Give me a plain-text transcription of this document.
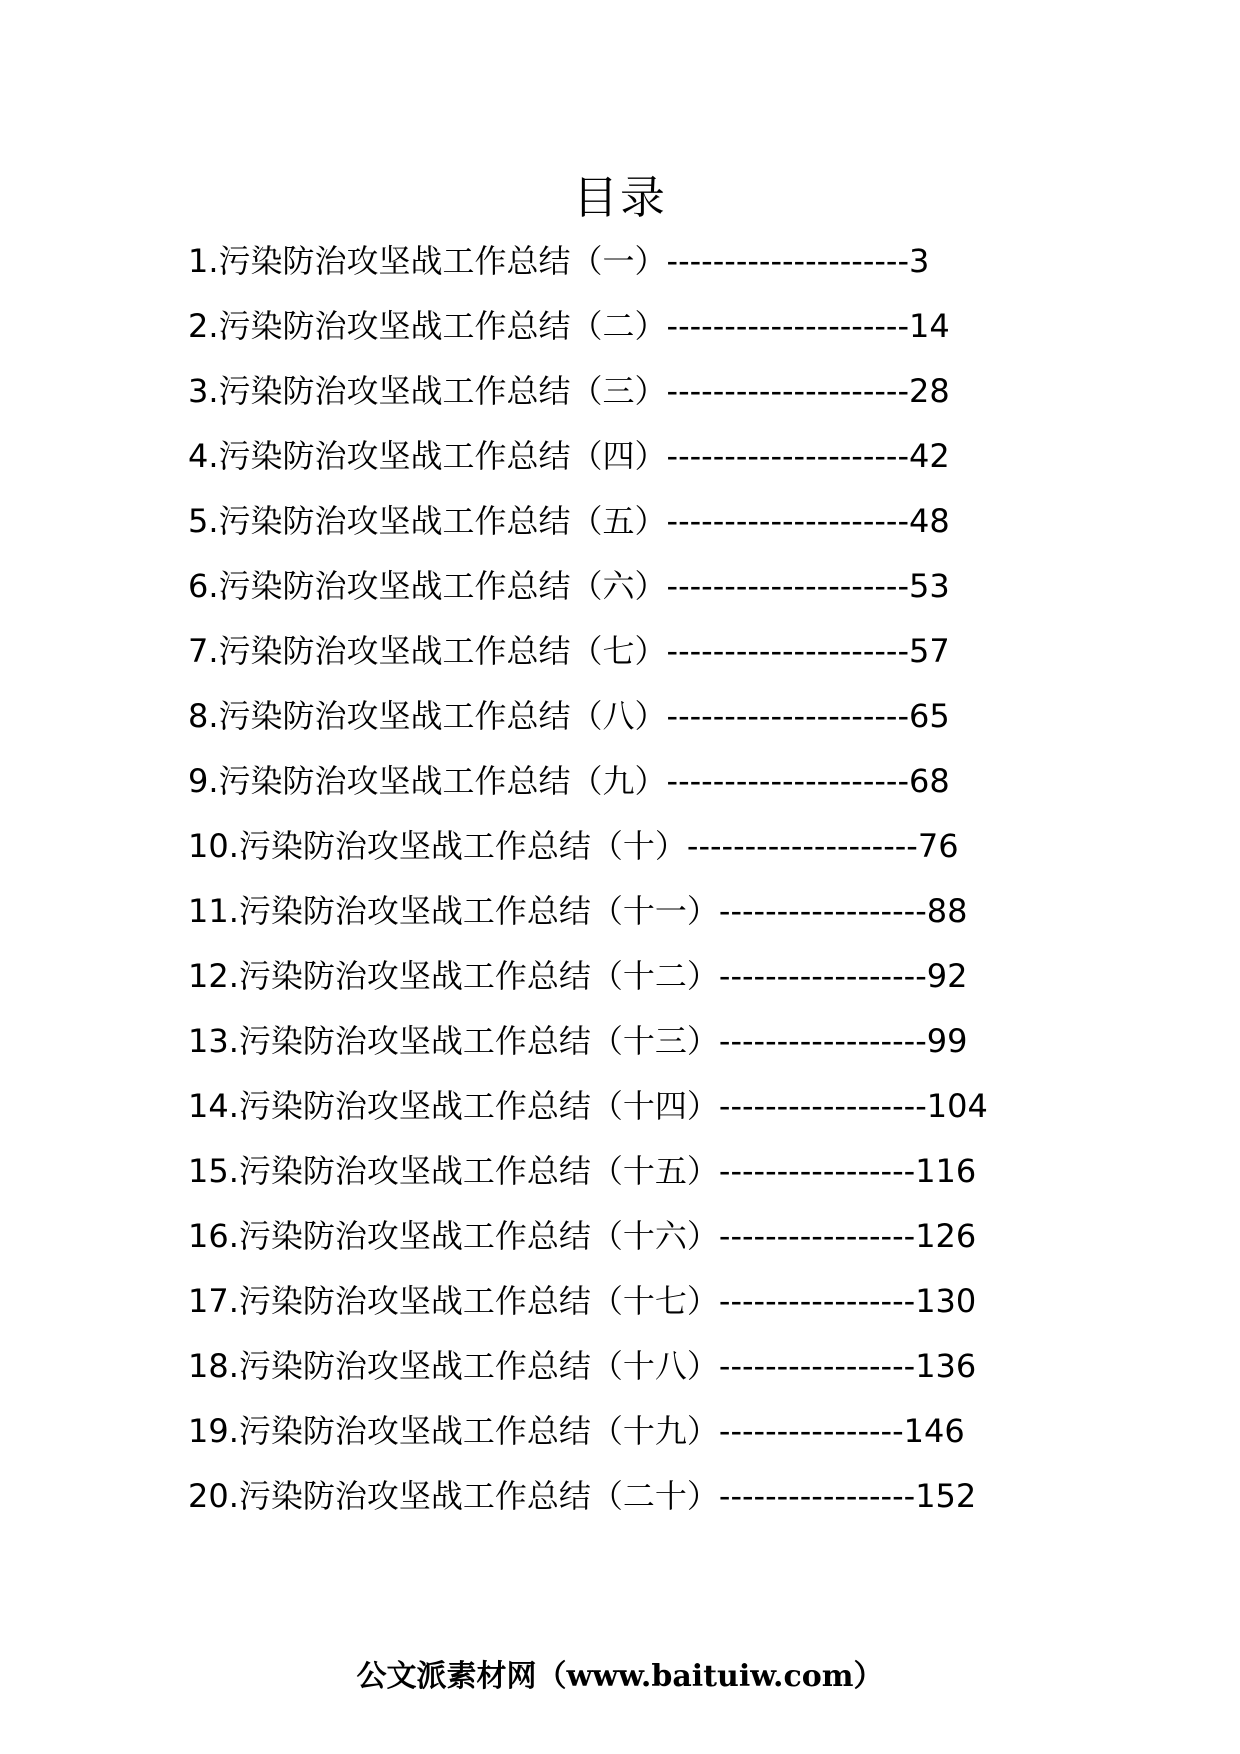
目录
1.污染防治攻坚战工作总结（一）---------------------3
2.污染防治攻坚战工作总结（二）---------------------14
3.污染防治攻坚战工作总结（三）---------------------28
4.污染防治攻坚战工作总结（四）---------------------42
5.污染防治攻坚战工作总结（五）---------------------48
6.污染防治攻坚战工作总结（六）---------------------53
7.污染防治攻坚战工作总结（七）---------------------57
8.污染防治攻坚战工作总结（八）---------------------65
9.污染防治攻坚战工作总结（九）---------------------68
10.污染防治攻坚战工作总结（十）--------------------76
11.污染防治攻坚战工作总结（十一）------------------88
12.污染防治攻坚战工作总结（十二）------------------92
13.污染防治攻坚战工作总结（十三）------------------99
14.污染防治攻坚战工作总结（十四）------------------104
15.污染防治攻坚战工作总结（十五）-----------------116
16.污染防治攻坚战工作总结（十六）-----------------126
17.污染防治攻坚战工作总结（十七）-----------------130
18.污染防治攻坚战工作总结（十八）-----------------136
19.污染防治攻坚战工作总结（十九）----------------146
20.污染防治攻坚战工作总结（二十）-----------------152
公文派素材网（www.baituiw.com）
